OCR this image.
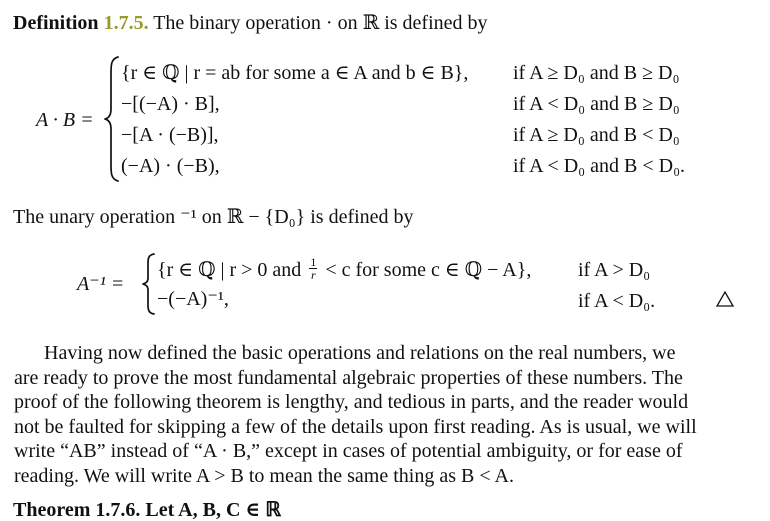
Definition 1.7.5. The binary operation · on ℝ is defined by
A · B =
{r ∈ ℚ | r = ab for some a ∈ A and b ∈ B}, if A ≥ D₀ and B ≥ D₀
−[(−A) · B],	if A < D₀ and B ≥ D₀
−[A · (−B)],	if A ≥ D₀ and B < D₀
(−A) · (−B),	if A < D₀ and B < D₀.
The unary operation ⁻¹ on ℝ − {D₀} is defined by
A⁻¹ =
{r ∈ ℚ | r > 0 and $\frac{1}{r} < c$ for some c ∈ ℚ − A}, if A > D₀
−(−A)⁻¹,	if A < D₀.
Having now defined the basic operations and relations on the real numbers, we
are ready to prove the most fundamental algebraic properties of these numbers. The
proof of the following theorem is lengthy, and tedious in parts, and the reader would
not be faulted for skipping a few of the details upon first reading. As is usual, we will
write “AB” instead of “A · B,” except in cases of potential ambiguity, or for ease of
reading. We will write A > B to mean the same thing as B < A.
Theorem 1.7.6. Let A, B, C ∈ ℝ
